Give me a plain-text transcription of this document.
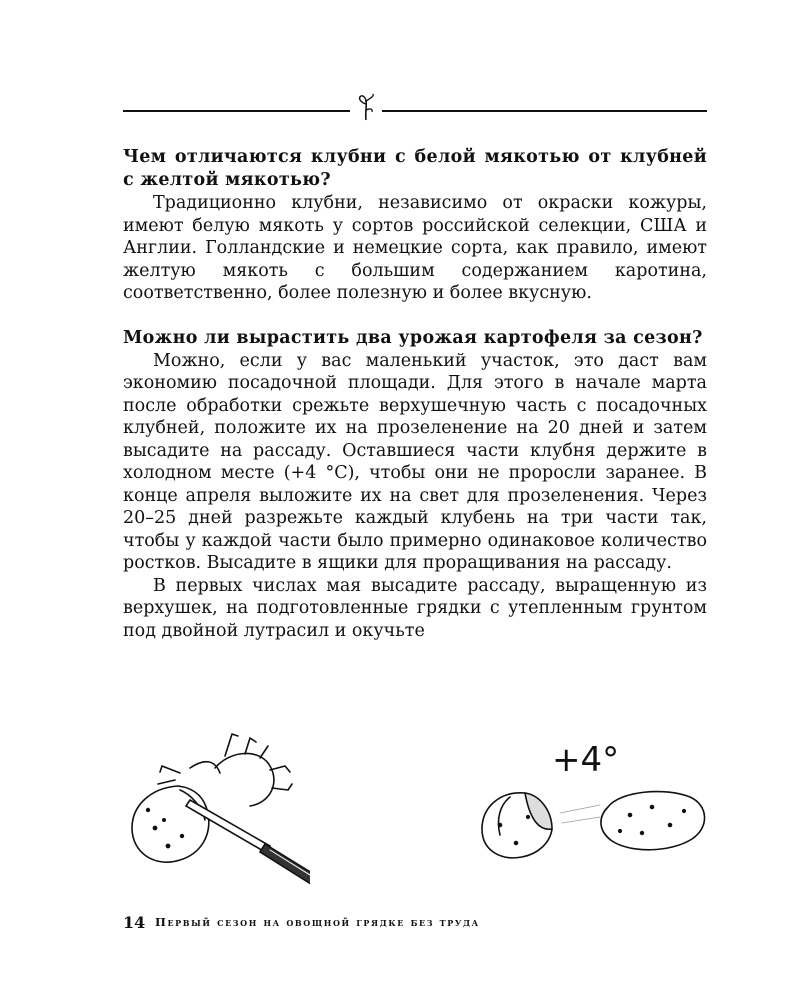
Чем отличаются клубни с белой мякотью от клубней с желтой мякотью?

Традиционно клубни, независимо от окраски кожуры, имеют белую мякоть у сортов российской селекции, США и Англии. Голландские и немецкие сорта, как правило, имеют желтую мякоть с большим содержанием каротина, соответственно, более полезную и более вкусную.

Можно ли вырастить два урожая картофеля за сезон?

Можно, если у вас маленький участок, это даст вам экономию посадочной площади. Для этого в начале марта после обработки срежьте верхушечную часть с посадочных клубней, положите их на прозеленение на 20 дней и затем высадите на рассаду. Оставшиеся части клубня держите в холодном месте (+4 °С), чтобы они не проросли заранее. В конце апреля выложите их на свет для прозеленения. Через 20–25 дней разрежьте каждый клубень на три части так, чтобы у каждой части было примерно одинаковое количество ростков. Высадите в ящики для проращивания на рассаду.

В первых числах мая высадите рассаду, выращенную из верхушек, на подготовленные грядки с утепленным грунтом под двойной лутрасил и окучьте

+4°
14 Первый сезон на овощной грядке без труда
